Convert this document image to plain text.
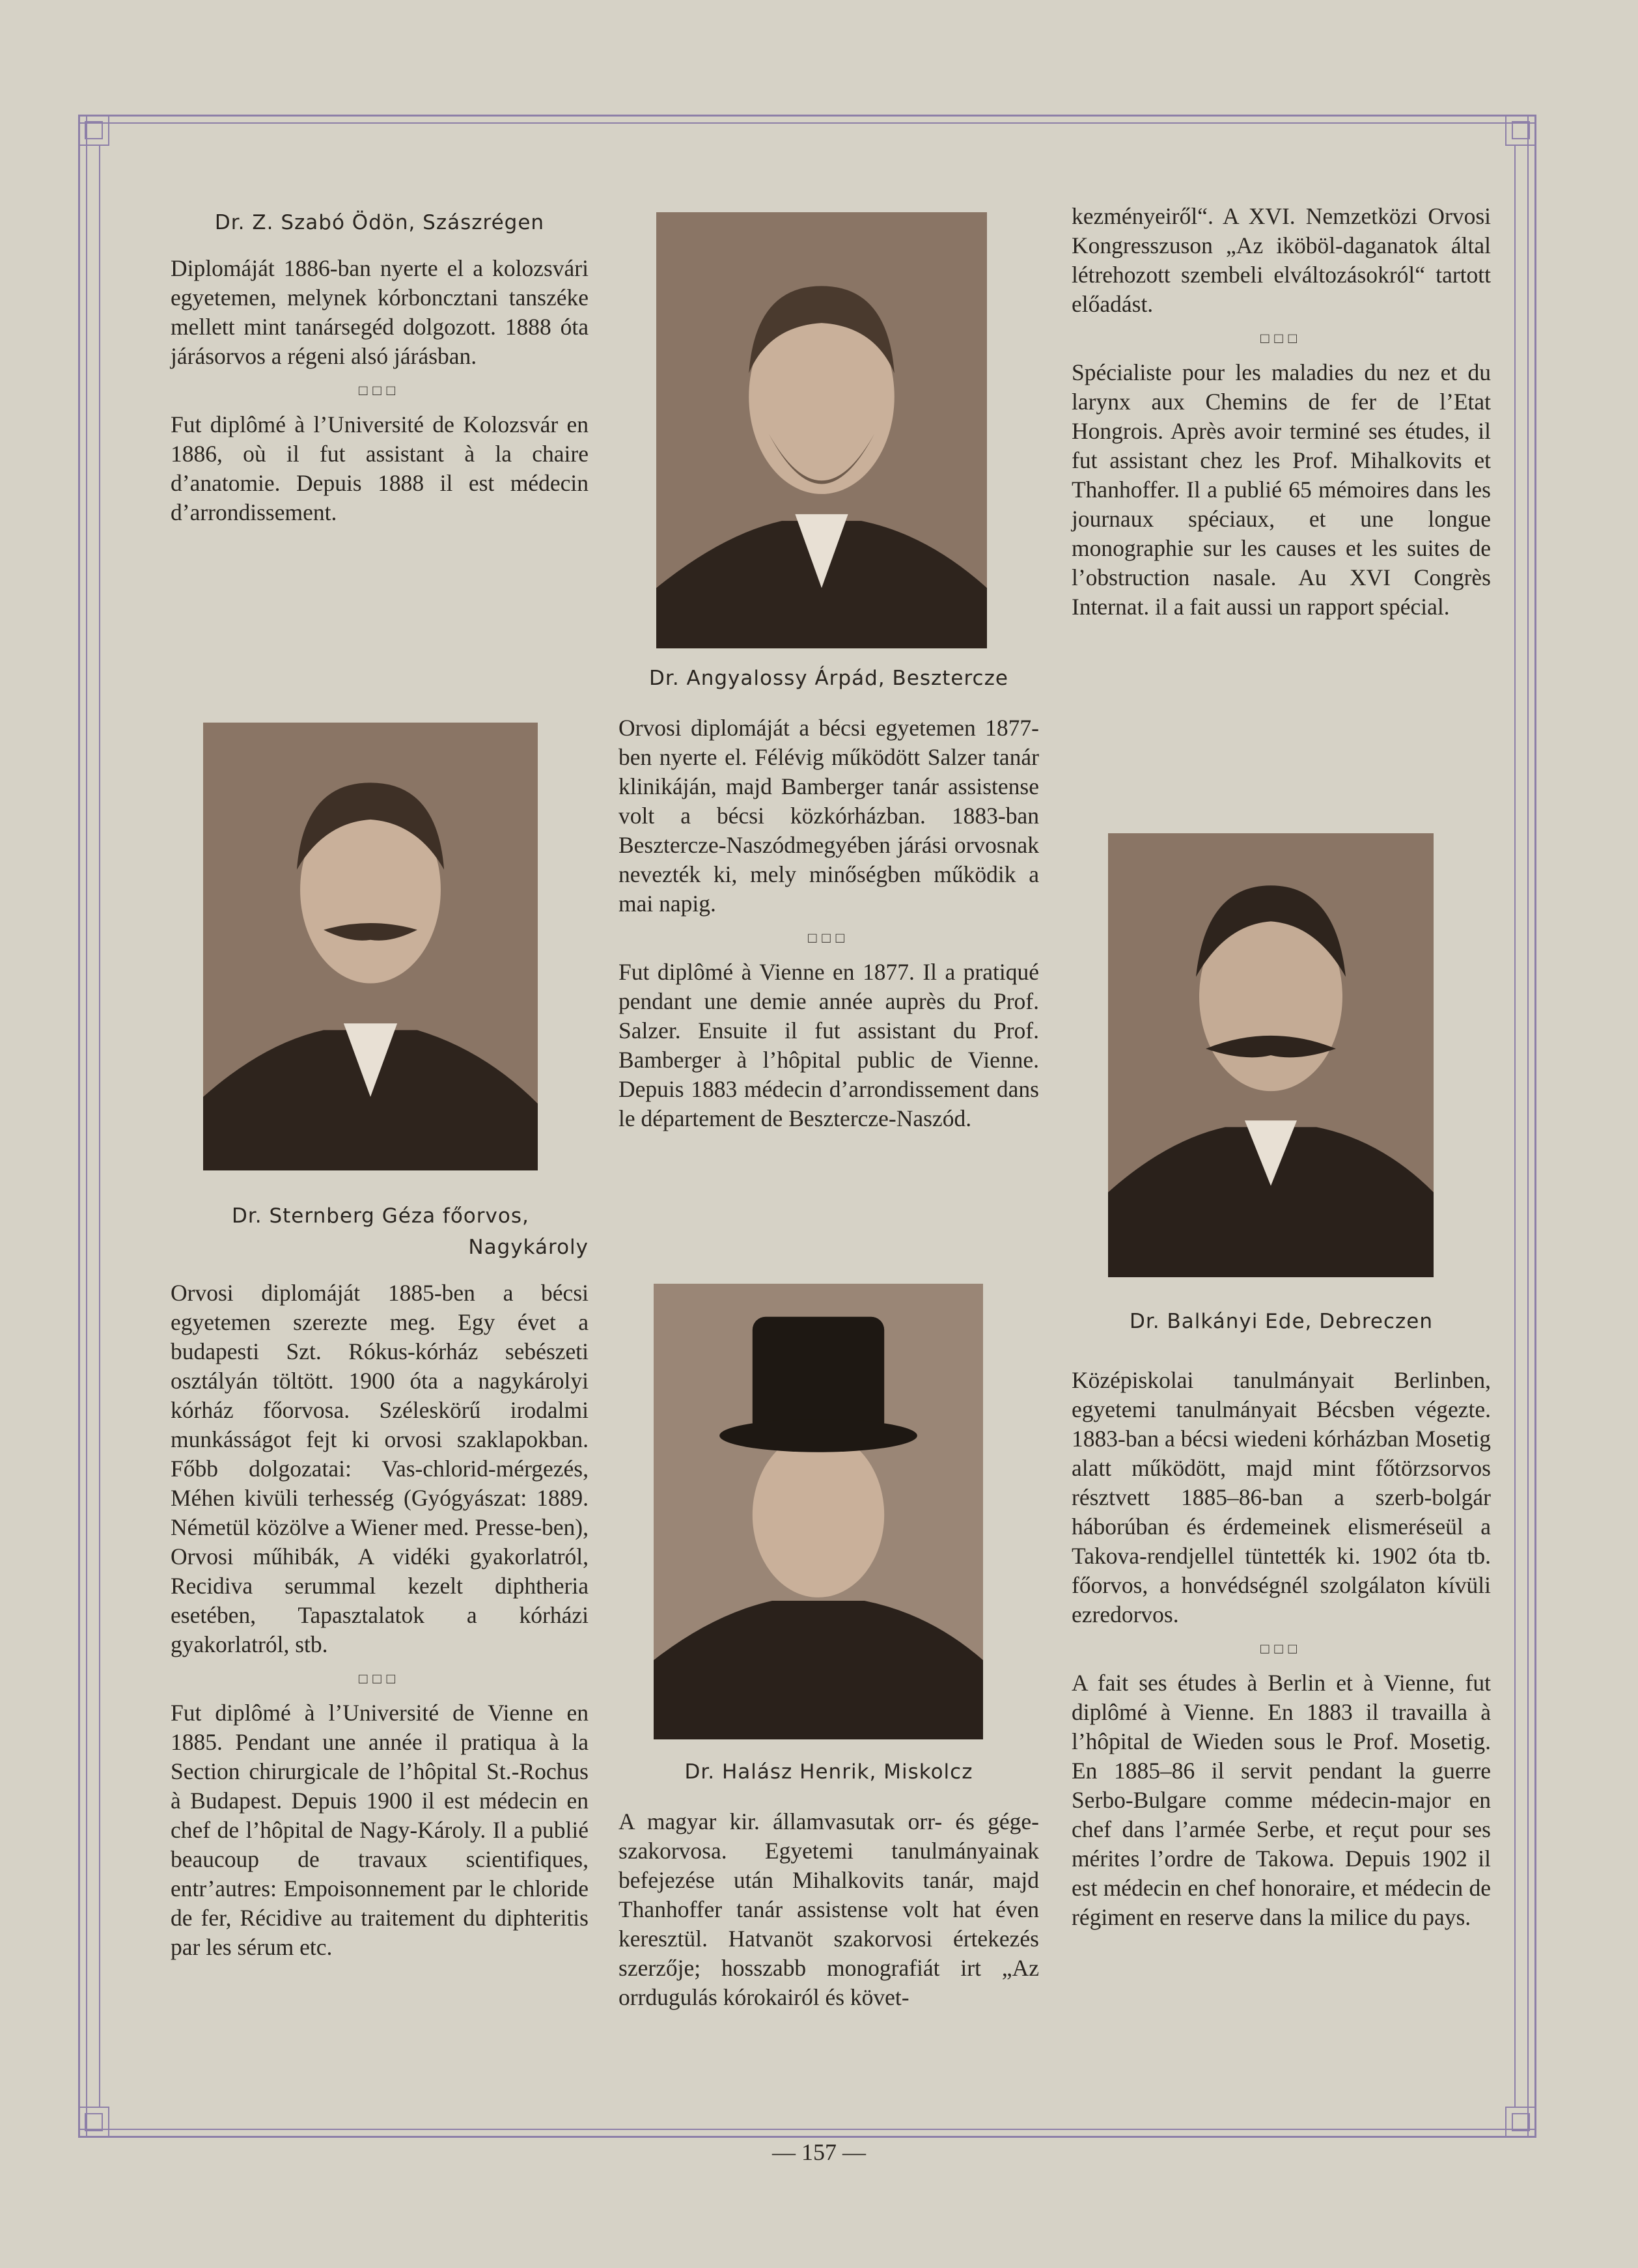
Dr. Z. Szabó Ödön, Szászrégen

Diplomáját 1886-ban nyerte el a kolozsvári egyetemen, melynek kórboncztani tanszéke mellett mint tanársegéd dolgozott. 1888 óta járásorvos a régeni alsó járásban.

□□□

Fut diplômé à l’Université de Kolozsvár en 1886, où il fut assistant à la chaire d’anatomie. Depuis 1888 il est médecin d’arrondissement.

Dr. Sternberg Géza főorvos,

Nagykároly

Orvosi diplomáját 1885-ben a bécsi egyetemen szerezte meg. Egy évet a budapesti Szt. Rókus-kórház sebészeti osztályán töltött. 1900 óta a nagykárolyi kórház főorvosa. Széleskörű irodalmi munkásságot fejt ki orvosi szaklapokban. Főbb dolgozatai: Vas-chlorid-mérgezés, Méhen kivüli terhesség (Gyógyászat: 1889. Németül közölve a Wiener med. Presse-ben), Orvosi műhibák, A vidéki gyakorlatról, Recidiva serummal kezelt diphtheria esetében, Tapasztalatok a kórházi gyakorlatról, stb.

□□□

Fut diplômé à l’Université de Vienne en 1885. Pendant une année il pratiqua à la Section chirurgicale de l’hôpital St.-Rochus à Budapest. Depuis 1900 il est médecin en chef de l’hôpital de Nagy-Károly. Il a publié beaucoup de travaux scientifiques, entr’autres: Empoisonnement par le chloride de fer, Récidive au traitement du diphteritis par les sérum etc.

Dr. Angyalossy Árpád, Beszterczе

Orvosi diplomáját a bécsi egyetemen 1877-ben nyerte el. Félévig működött Salzer tanár klinikáján, majd Bamberger tanár assistense volt a bécsi közkórházban. 1883-ban Beszterczе-Naszódmegyében járási orvosnak nevezték ki, mely minőségben működik a mai napig.

□□□

Fut diplômé à Vienne en 1877. Il a pratiqué pendant une demie année auprès du Prof. Salzer. Ensuite il fut assistant du Prof. Bamberger à l’hôpital public de Vienne. Depuis 1883 médecin d’arrondissement dans le département de Beszterczе-Naszód.

Dr. Halász Henrik, Miskolcz

A magyar kir. államvasutak orr- és gége-szakorvosa. Egyetemi tanulmányainak befejezése után Mihalkovits tanár, majd Thanhoffer tanár assistense volt hat éven keresztül. Hatvanöt szakorvosi értekezés szerzője; hosszabb monografiát irt „Az orrdugulás kórokairól és követ-

kezményeiről“. A XVI. Nemzetközi Orvosi Kongresszuson „Az iköböl-daganatok által létrehozott szembeli elváltozásokról“ tartott előadást.

□□□

Spécialiste pour les maladies du nez et du larynx aux Chemins de fer de l’Etat Hongrois. Après avoir terminé ses études, il fut assistant chez les Prof. Mihalkovits et Thanhoffer. Il a publié 65 mémoires dans les journaux spéciaux, et une longue monographie sur les causes et les suites de l’obstruction nasale. Au XVI Congrès Internat. il a fait aussi un rapport spécial.

Dr. Balkányi Ede, Debreczen

Középiskolai tanulmányait Berlinben, egyetemi tanulmányait Bécsben végezte. 1883-ban a bécsi wiedeni kórházban Mosetig alatt működött, majd mint főtörzsorvos résztvett 1885–86-ban a szerb-bolgár háborúban és érdemeinek elismeréseül a Takova-rendjellel tüntették ki. 1902 óta tb. főorvos, a honvédségnél szolgálaton kívüli ezredorvos.

□□□

A fait ses études à Berlin et à Vienne, fut diplômé à Vienne. En 1883 il travailla à l’hôpital de Wieden sous le Prof. Mosetig. En 1885–86 il servit pendant la guerre Serbo-Bulgare comme médecin-major en chef dans l’armée Serbe, et reçut pour ses mérites l’ordre de Takowa. Depuis 1902 il est médecin en chef honoraire, et médecin de régiment en reserve dans la milice du pays.

— 157 —
